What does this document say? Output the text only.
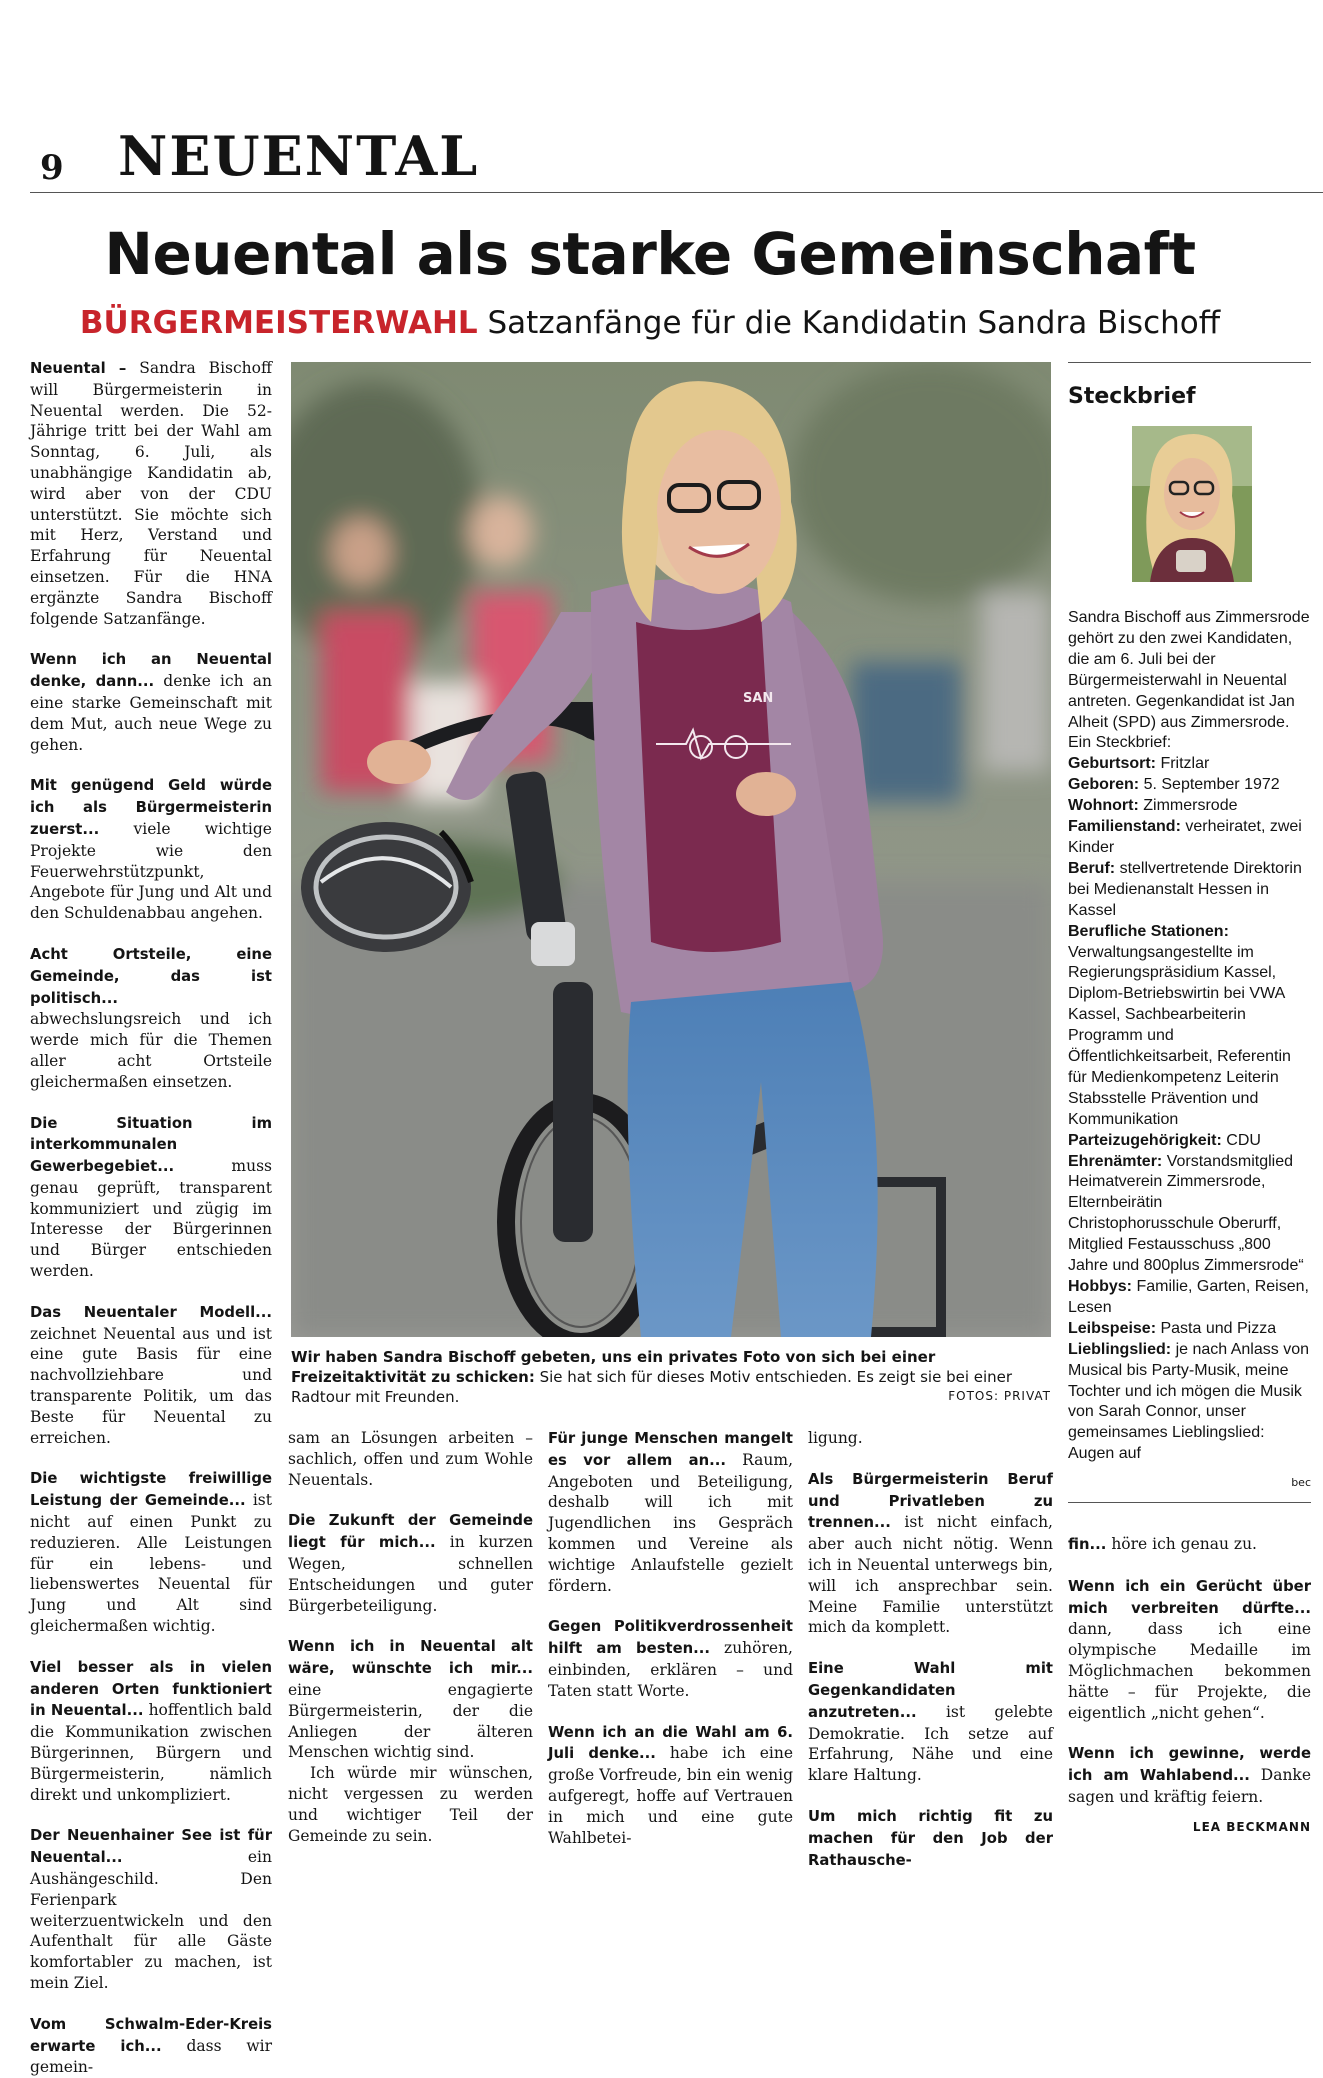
9 NEUENTAL
Neuental als starke Gemeinschaft
BÜRGERMEISTERWAHL Satzanfänge für die Kandidatin Sandra Bischoff

Neuental – Sandra Bischoff will Bürgermeisterin in Neuental werden. Die 52-Jährige tritt bei der Wahl am Sonntag, 6. Juli, als unabhängige Kandidatin ab, wird aber von der CDU unterstützt. Sie möchte sich mit Herz, Verstand und Erfahrung für Neuental einsetzen. Für die HNA ergänzte Sandra Bischoff folgende Satzanfänge.

Wenn ich an Neuental denke, dann... denke ich an eine starke Gemeinschaft mit dem Mut, auch neue Wege zu gehen.

Mit genügend Geld würde ich als Bürgermeisterin zuerst... viele wichtige Projekte wie den Feuerwehrstützpunkt, Angebote für Jung und Alt und den Schuldenabbau angehen.

Acht Ortsteile, eine Gemeinde, das ist politisch... abwechslungsreich und ich werde mich für die Themen aller acht Ortsteile gleichermaßen einsetzen.

Die Situation im interkommunalen Gewerbegebiet...	muss genau geprüft, transparent kommuniziert und zügig im Interesse der Bürgerinnen und Bürger entschieden werden.

Das Neuentaler Modell... zeichnet Neuental aus und ist eine gute Basis für eine nachvollziehbare und transparente Politik, um das Beste für Neuental zu erreichen.

Die wichtigste freiwillige Leistung der Gemeinde... ist nicht auf einen Punkt zu reduzieren. Alle Leistungen für ein lebens- und liebenswertes Neuental für Jung und Alt sind gleichermaßen wichtig.

Viel besser als in vielen anderen Orten funktioniert in Neuental... hoffentlich bald die Kommunikation zwischen Bürgerinnen, Bürgern und Bürgermeisterin, nämlich direkt und unkompliziert.

Der Neuenhainer See ist für Neuental...	ein Aushängeschild. Den Ferienpark weiterzuentwickeln und den Aufenthalt für alle Gäste komfortabler zu machen, ist mein Ziel.

Vom Schwalm-Eder-Kreis erwarte ich... dass wir gemein-

SAN
Wir haben Sandra Bischoff gebeten, uns ein privates Foto von sich bei einer Freizeitaktivität zu schicken: Sie hat sich für dieses Motiv entschieden. Es zeigt sie bei einer Radtour mit Freunden.	FOTOS: PRIVAT

sam an Lösungen arbeiten – sachlich, offen und zum Wohle Neuentals.

Die Zukunft der Gemeinde liegt für mich... in kurzen Wegen, schnellen Entscheidungen und guter Bürgerbeteiligung.

Wenn ich in Neuental alt wäre, wünschte ich mir... eine engagierte Bürgermeisterin, der die Anliegen der älteren Menschen wichtig sind.

Ich würde mir wünschen, nicht vergessen zu werden und wichtiger Teil der Gemeinde zu sein.

Für junge Menschen mangelt es vor allem an... Raum, Angeboten und Beteiligung, deshalb will ich mit Jugendlichen ins Gespräch kommen und Vereine als wichtige Anlaufstelle gezielt fördern.

Gegen Politikverdrossenheit hilft am besten... zuhören, einbinden, erklären – und Taten statt Worte.

Wenn ich an die Wahl am 6. Juli denke... habe ich eine große Vorfreude, bin ein wenig aufgeregt, hoffe auf Vertrauen in mich und eine gute Wahlbetei-

ligung.

Als Bürgermeisterin Beruf und Privatleben zu trennen... ist nicht einfach, aber auch nicht nötig. Wenn ich in Neuental unterwegs bin, will ich ansprechbar sein. Meine Familie unterstützt mich da komplett.

Eine Wahl mit Gegenkandidaten anzutreten... ist gelebte Demokratie. Ich setze auf Erfahrung, Nähe und eine klare Haltung.

Um mich richtig fit zu machen für den Job der Rathausche-

Steckbrief
Sandra Bischoff aus Zimmersrode gehört zu den zwei Kandidaten, die am 6. Juli bei der Bürgermeisterwahl in Neuental antreten. Gegenkandidat ist Jan Alheit (SPD) aus Zimmersrode.
Ein Steckbrief:
Geburtsort: Fritzlar
Geboren: 5. September 1972
Wohnort: Zimmersrode
Familienstand: verheiratet, zwei Kinder
Beruf: stellvertretende Direktorin bei Medienanstalt Hessen in Kassel
Berufliche Stationen: Verwaltungsangestellte im Regierungspräsidium Kassel, Diplom-Betriebswirtin bei VWA Kassel, Sachbearbeiterin Programm und Öffentlichkeitsarbeit, Referentin für Medienkompetenz Leiterin Stabsstelle Prävention und Kommunikation
Parteizugehörigkeit: CDU
Ehrenämter: Vorstandsmitglied Heimatverein Zimmersrode, Elternbeirätin Christophorusschule Oberurff, Mitglied Festausschuss „800 Jahre und 800plus Zimmersrode“
Hobbys: Familie, Garten, Reisen, Lesen
Leibspeise: Pasta und Pizza
Lieblingslied: je nach Anlass von Musical bis Party-Musik, meine Tochter und ich mögen die Musik von Sarah Connor, unser gemeinsames Lieblingslied: Augen auf
bec

fin... höre ich genau zu.

Wenn ich ein Gerücht über mich verbreiten dürfte... dann, dass ich eine olympische Medaille im Möglichmachen bekommen hätte – für Projekte, die eigentlich „nicht gehen“.

Wenn ich gewinne, werde ich am Wahlabend... Danke sagen und kräftig feiern.

LEA BECKMANN
